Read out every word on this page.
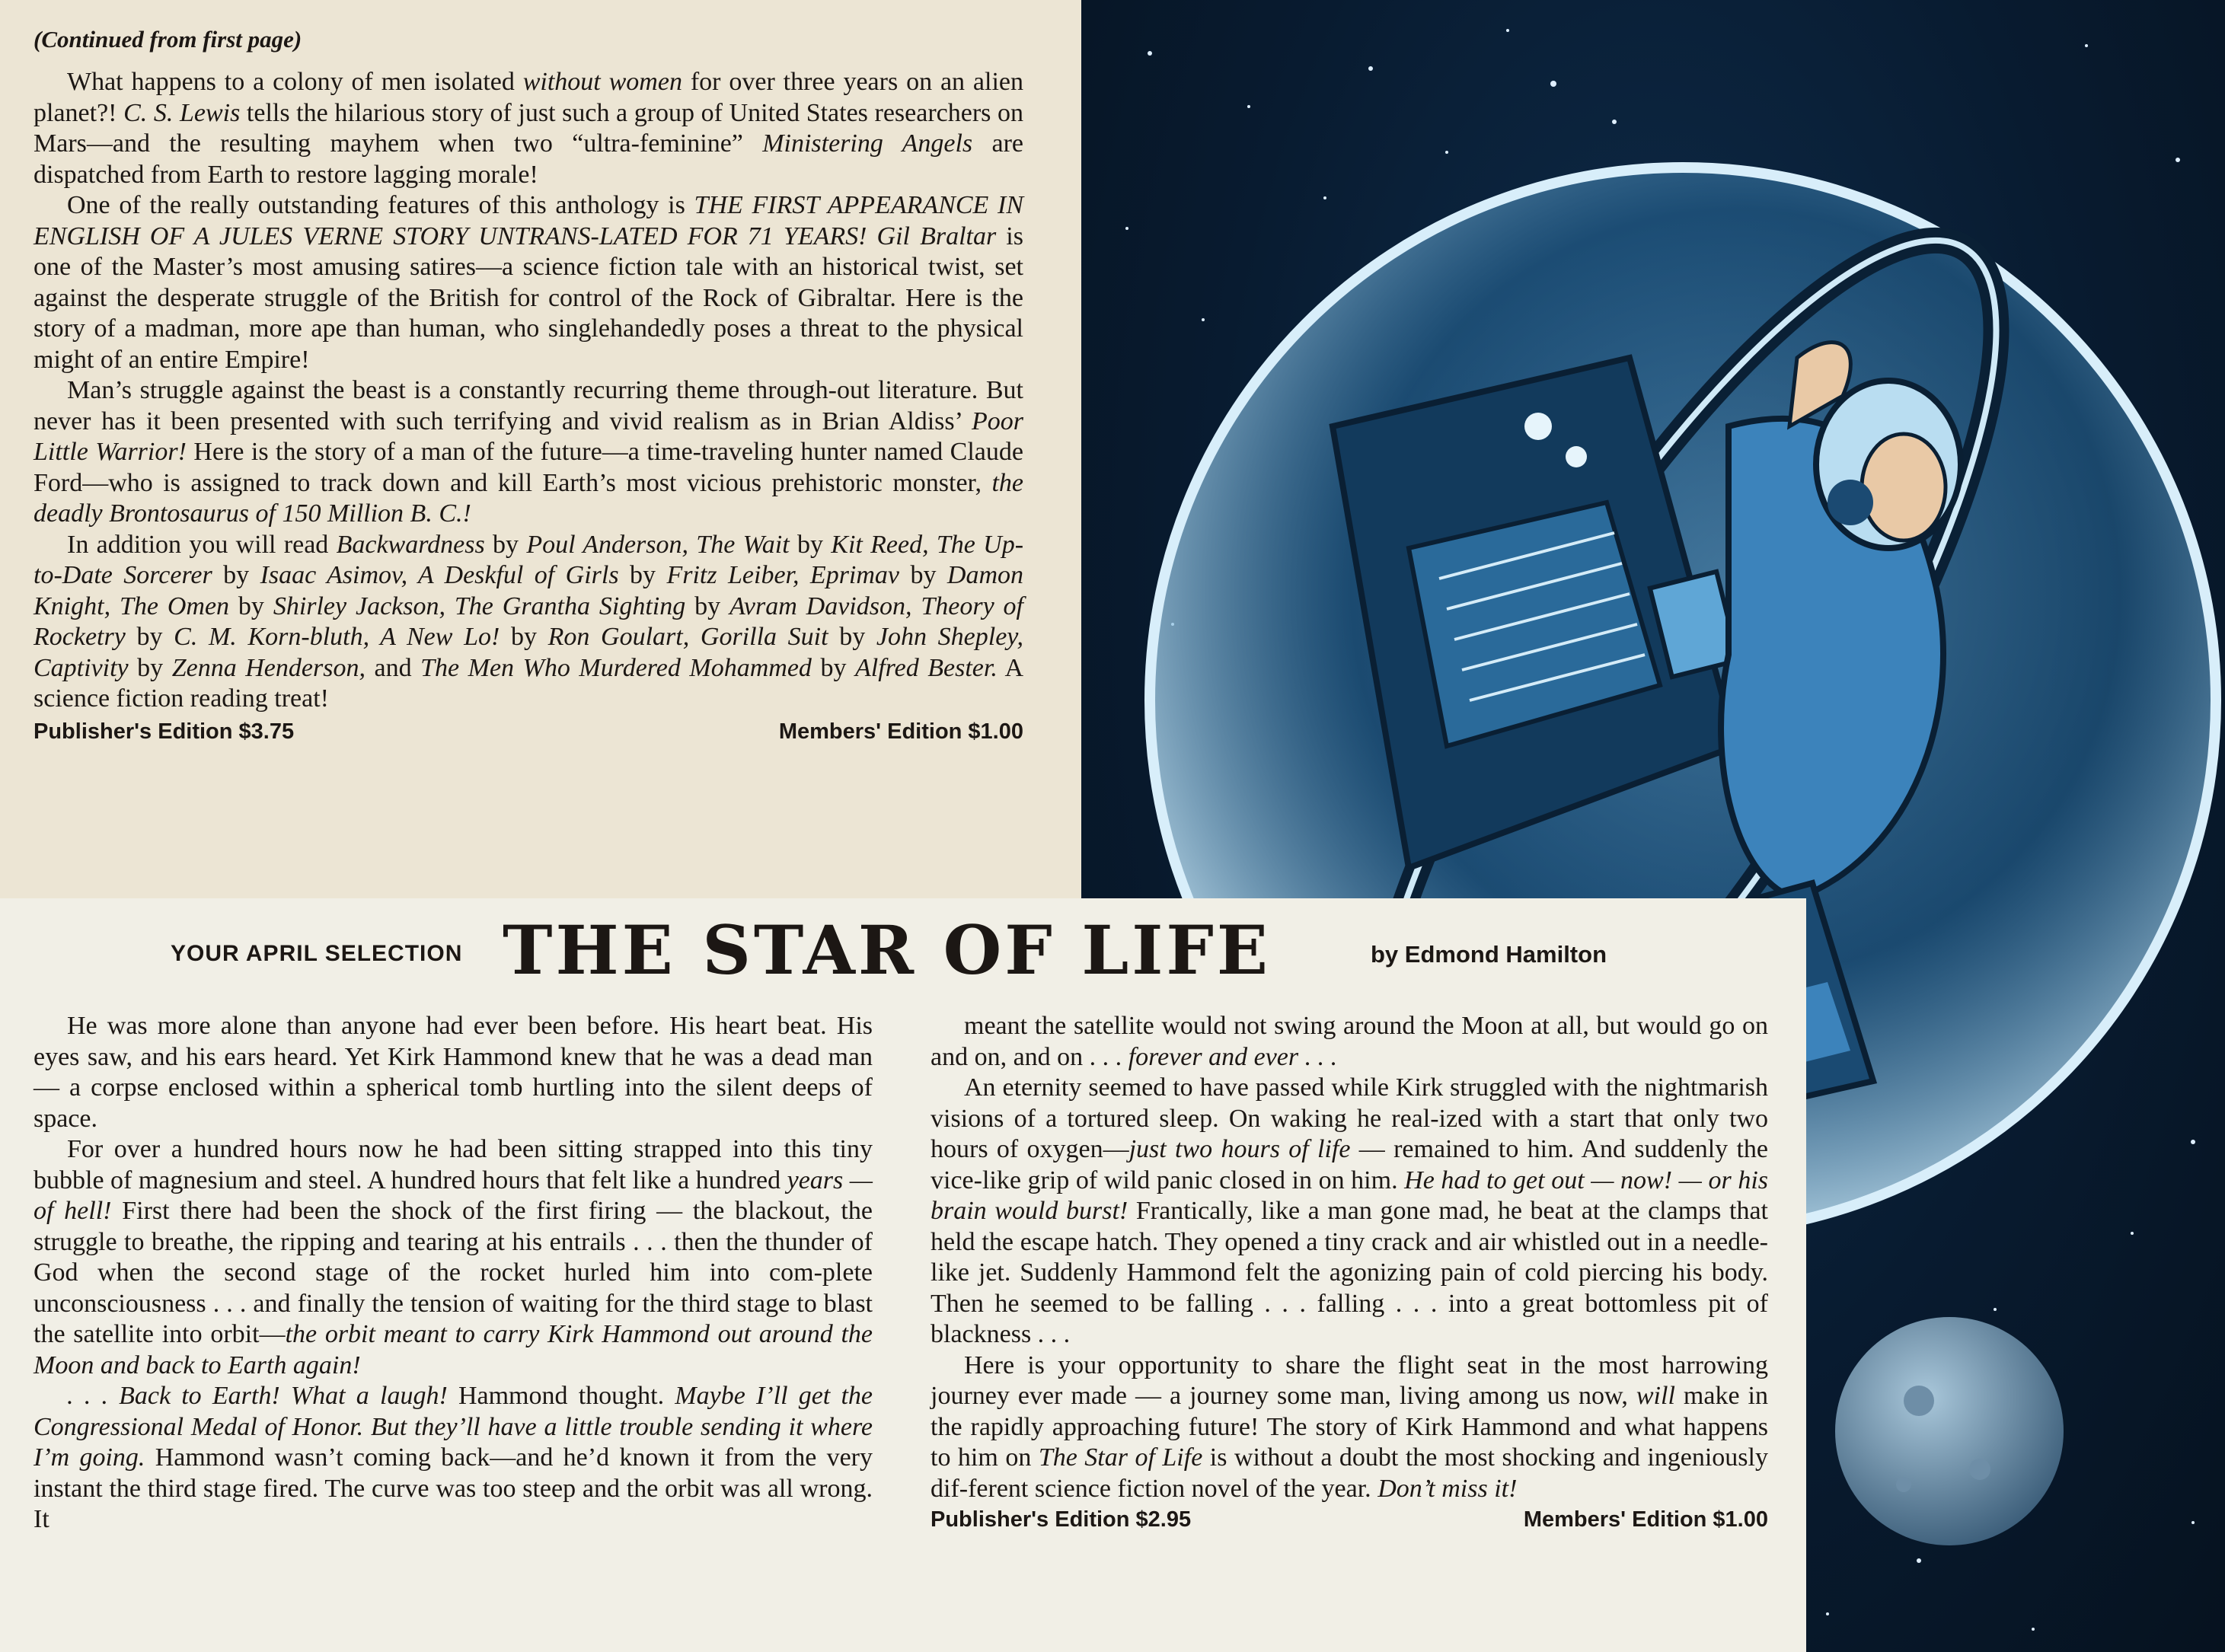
(Continued from first page)

What happens to a colony of men isolated without women for over three years on an alien planet?! C. S. Lewis tells the hilarious story of just such a group of United States researchers on Mars—and the resulting mayhem when two “ultra-feminine” Ministering Angels are dispatched from Earth to restore lagging morale!

One of the really outstanding features of this anthology is THE FIRST APPEARANCE IN ENGLISH OF A JULES VERNE STORY UNTRANS-LATED FOR 71 YEARS! Gil Braltar is one of the Master’s most amusing satires—a science fiction tale with an historical twist, set against the desperate struggle of the British for control of the Rock of Gibraltar. Here is the story of a madman, more ape than human, who singlehandedly poses a threat to the physical might of an entire Empire!

Man’s struggle against the beast is a constantly recurring theme through-out literature. But never has it been presented with such terrifying and vivid realism as in Brian Aldiss’ Poor Little Warrior! Here is the story of a man of the future—a time-traveling hunter named Claude Ford—who is assigned to track down and kill Earth’s most vicious prehistoric monster, the deadly Brontosaurus of 150 Million B. C.!

In addition you will read Backwardness by Poul Anderson, The Wait by Kit Reed, The Up-to-Date Sorcerer by Isaac Asimov, A Deskful of Girls by Fritz Leiber, Eprimav by Damon Knight, The Omen by Shirley Jackson, The Grantha Sighting by Avram Davidson, Theory of Rocketry by C. M. Korn-bluth, A New Lo! by Ron Goulart, Gorilla Suit by John Shepley, Captivity by Zenna Henderson, and The Men Who Murdered Mohammed by Alfred Bester. A science fiction reading treat!

Publisher's Edition $3.75	Members' Edition $1.00
YOUR APRIL SELECTION THE STAR OF LIFE	by Edmond Hamilton

He was more alone than anyone had ever been before. His heart beat. His eyes saw, and his ears heard. Yet Kirk Hammond knew that he was a dead man — a corpse enclosed within a spherical tomb hurtling into the silent deeps of space.

For over a hundred hours now he had been sitting strapped into this tiny bubble of magnesium and steel. A hundred hours that felt like a hundred years — of hell! First there had been the shock of the first firing — the blackout, the struggle to breathe, the ripping and tearing at his entrails . . . then the thunder of God when the second stage of the rocket hurled him into com-plete unconsciousness . . . and finally the tension of waiting for the third stage to blast the satellite into orbit—the orbit meant to carry Kirk Hammond out around the Moon and back to Earth again!

. . . Back to Earth! What a laugh! Hammond thought. Maybe I’ll get the Congressional Medal of Honor. But they’ll have a little trouble sending it where I’m going. Hammond wasn’t coming back—and he’d known it from the very instant the third stage fired. The curve was too steep and the orbit was all wrong. It

meant the satellite would not swing around the Moon at all, but would go on and on, and on . . . forever and ever . . .

An eternity seemed to have passed while Kirk struggled with the nightmarish visions of a tortured sleep. On waking he real-ized with a start that only two hours of oxygen—just two hours of life — remained to him. And suddenly the vice-like grip of wild panic closed in on him. He had to get out — now! — or his brain would burst! Frantically, like a man gone mad, he beat at the clamps that held the escape hatch. They opened a tiny crack and air whistled out in a needle-like jet. Suddenly Hammond felt the agonizing pain of cold piercing his body. Then he seemed to be falling . . . falling . . . into a great bottomless pit of blackness . . .

Here is your opportunity to share the flight seat in the most harrowing journey ever made — a journey some man, living among us now, will make in the rapidly approaching future! The story of Kirk Hammond and what happens to him on The Star of Life is without a doubt the most shocking and ingeniously dif-ferent science fiction novel of the year. Don’t miss it!

Publisher's Edition $2.95	Members' Edition $1.00
